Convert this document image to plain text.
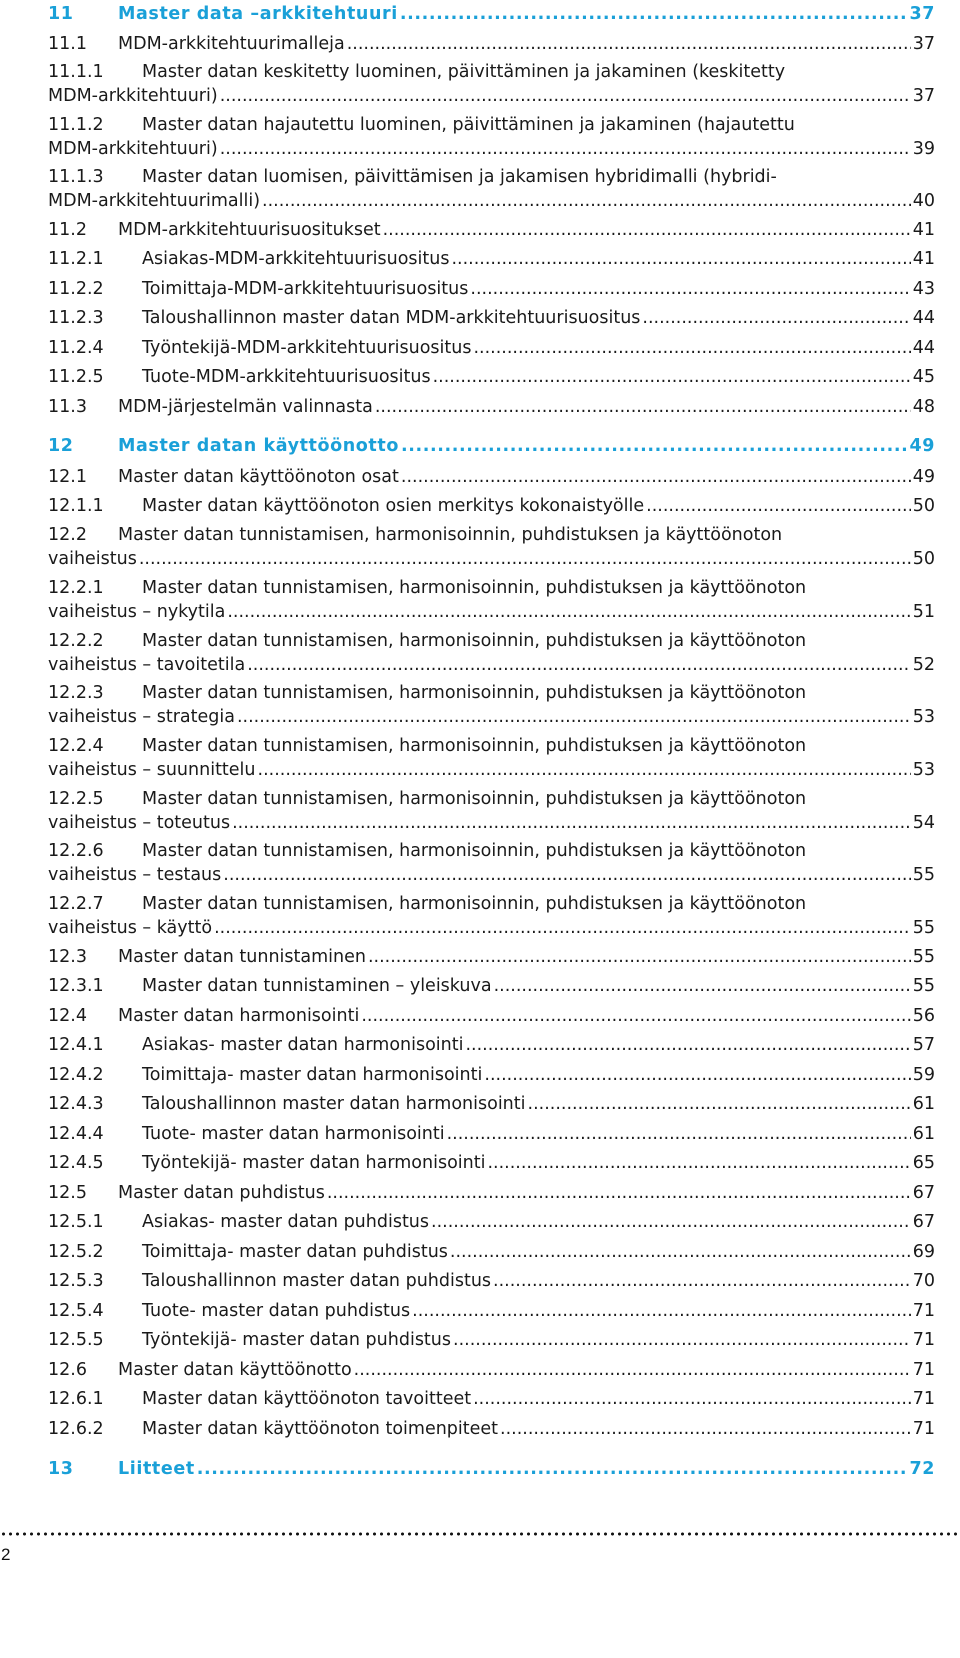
11	Master data –arkkitehtuuri .....	37
11.1	MDM-arkkitehtuurimalleja .....	37
11.1.1	Master datan keskitetty luominen, päivittäminen ja jakaminen (keskitetty
MDM-arkkitehtuuri) .....	37
11.1.2	Master datan hajautettu luominen, päivittäminen ja jakaminen (hajautettu
MDM-arkkitehtuuri) .....	39
11.1.3	Master datan luomisen, päivittämisen ja jakamisen hybridimalli (hybridi-
MDM-arkkitehtuurimalli) .....	40
11.2	MDM-arkkitehtuurisuositukset .....	41
11.2.1	Asiakas-MDM-arkkitehtuurisuositus .....	41
11.2.2	Toimittaja-MDM-arkkitehtuurisuositus .....	43
11.2.3	Taloushallinnon master datan MDM-arkkitehtuurisuositus .....	44
11.2.4	Työntekijä-MDM-arkkitehtuurisuositus .....	44
11.2.5	Tuote-MDM-arkkitehtuurisuositus .....	45
11.3	MDM-järjestelmän valinnasta .....	48
12	Master datan käyttöönotto .....	49
12.1	Master datan käyttöönoton osat .....	49
12.1.1	Master datan käyttöönoton osien merkitys kokonaistyölle .....	50
12.2	Master datan tunnistamisen, harmonisoinnin, puhdistuksen ja käyttöönoton
vaiheistus .....	50
12.2.1	Master datan tunnistamisen, harmonisoinnin, puhdistuksen ja käyttöönoton
vaiheistus – nykytila .....	51
12.2.2	Master datan tunnistamisen, harmonisoinnin, puhdistuksen ja käyttöönoton
vaiheistus – tavoitetila .....	52
12.2.3	Master datan tunnistamisen, harmonisoinnin, puhdistuksen ja käyttöönoton
vaiheistus – strategia .....	53
12.2.4	Master datan tunnistamisen, harmonisoinnin, puhdistuksen ja käyttöönoton
vaiheistus – suunnittelu .....	53
12.2.5	Master datan tunnistamisen, harmonisoinnin, puhdistuksen ja käyttöönoton
vaiheistus – toteutus .....	54
12.2.6	Master datan tunnistamisen, harmonisoinnin, puhdistuksen ja käyttöönoton
vaiheistus – testaus .....	55
12.2.7	Master datan tunnistamisen, harmonisoinnin, puhdistuksen ja käyttöönoton
vaiheistus – käyttö .....	55
12.3	Master datan tunnistaminen .....	55
12.3.1	Master datan tunnistaminen – yleiskuva .....	55
12.4	Master datan harmonisointi .....	56
12.4.1	Asiakas- master datan harmonisointi .....	57
12.4.2	Toimittaja- master datan harmonisointi .....	59
12.4.3	Taloushallinnon master datan harmonisointi .....	61
12.4.4	Tuote- master datan harmonisointi .....	61
12.4.5	Työntekijä- master datan harmonisointi .....	65
12.5	Master datan puhdistus .....	67
12.5.1	Asiakas- master datan puhdistus .....	67
12.5.2	Toimittaja- master datan puhdistus .....	69
12.5.3	Taloushallinnon master datan puhdistus .....	70
12.5.4	Tuote- master datan puhdistus .....	71
12.5.5	Työntekijä- master datan puhdistus .....	71
12.6	Master datan käyttöönotto .....	71
12.6.1	Master datan käyttöönoton tavoitteet .....	71
12.6.2	Master datan käyttöönoton toimenpiteet .....	71
13	Liitteet .....	72
2
